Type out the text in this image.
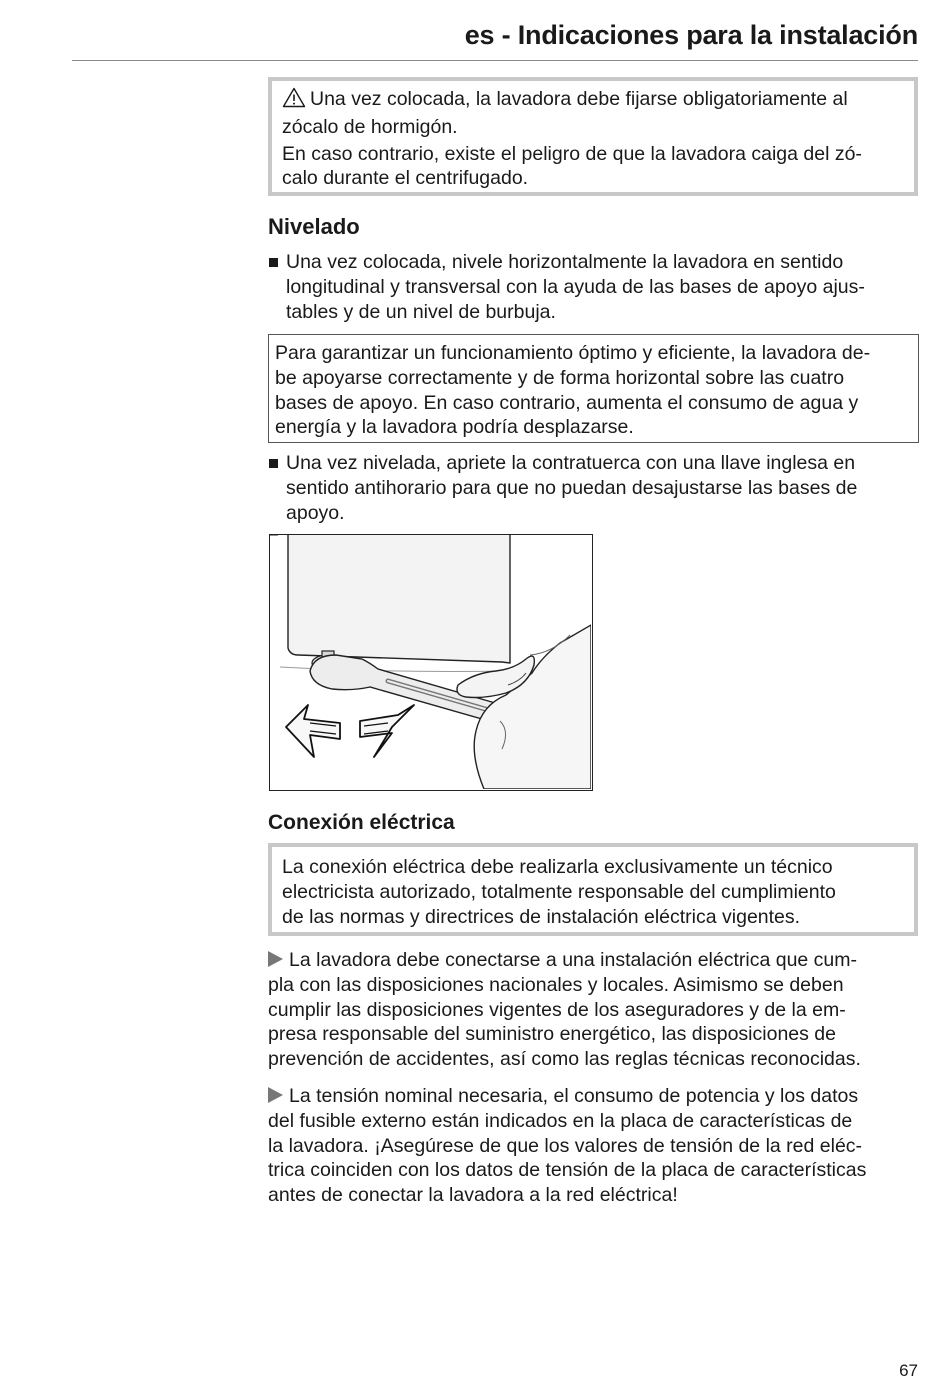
es - Indicaciones para la instalación

Una vez colocada, la lavadora debe fijarse obligatoriamente al

zócalo de hormigón.

En caso contrario, existe el peligro de que la lavadora caiga del zó-

calo durante el centrifugado.

Nivelado

Una vez colocada, nivele horizontalmente la lavadora en sentido

longitudinal y transversal con la ayuda de las bases de apoyo ajus-

tables y de un nivel de burbuja.

Para garantizar un funcionamiento óptimo y eficiente, la lavadora de-

be apoyarse correctamente y de forma horizontal sobre las cuatro

bases de apoyo. En caso contrario, aumenta el consumo de agua y

energía y la lavadora podría desplazarse.

Una vez nivelada, apriete la contratuerca con una llave inglesa en

sentido antihorario para que no puedan desajustarse las bases de

apoyo.

Conexión eléctrica

La conexión eléctrica debe realizarla exclusivamente un técnico

electricista autorizado, totalmente responsable del cumplimiento

de las normas y directrices de instalación eléctrica vigentes.

La lavadora debe conectarse a una instalación eléctrica que cum-

pla con las disposiciones nacionales y locales. Asimismo se deben

cumplir las disposiciones vigentes de los aseguradores y de la em-

presa responsable del suministro energético, las disposiciones de

prevención de accidentes, así como las reglas técnicas reconocidas.

La tensión nominal necesaria, el consumo de potencia y los datos

del fusible externo están indicados en la placa de características de

la lavadora. ¡Asegúrese de que los valores de tensión de la red eléc-

trica coinciden con los datos de tensión de la placa de características

antes de conectar la lavadora a la red eléctrica!

67
